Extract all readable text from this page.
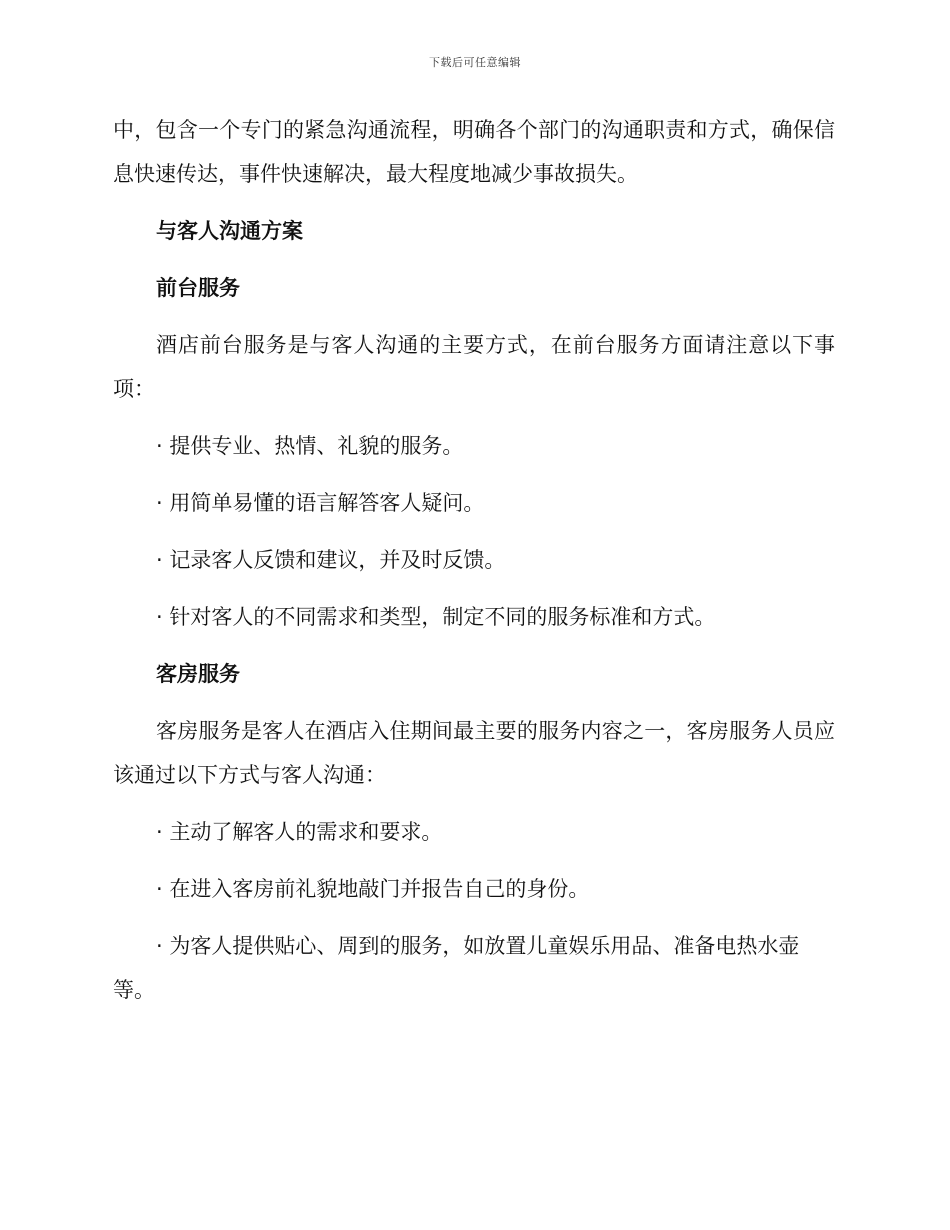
下载后可任意编辑

中，包含一个专门的紧急沟通流程，明确各个部门的沟通职责和方式，确保信息快速传达，事件快速解决，最大程度地减少事故损失。

与客人沟通方案

前台服务

酒店前台服务是与客人沟通的主要方式，在前台服务方面请注意以下事项：

· 提供专业、热情、礼貌的服务。

· 用简单易懂的语言解答客人疑问。

· 记录客人反馈和建议，并及时反馈。

· 针对客人的不同需求和类型，制定不同的服务标准和方式。

客房服务

客房服务是客人在酒店入住期间最主要的服务内容之一，客房服务人员应该通过以下方式与客人沟通：

· 主动了解客人的需求和要求。

· 在进入客房前礼貌地敲门并报告自己的身份。

· 为客人提供贴心、周到的服务，如放置儿童娱乐用品、准备电热水壶等。
